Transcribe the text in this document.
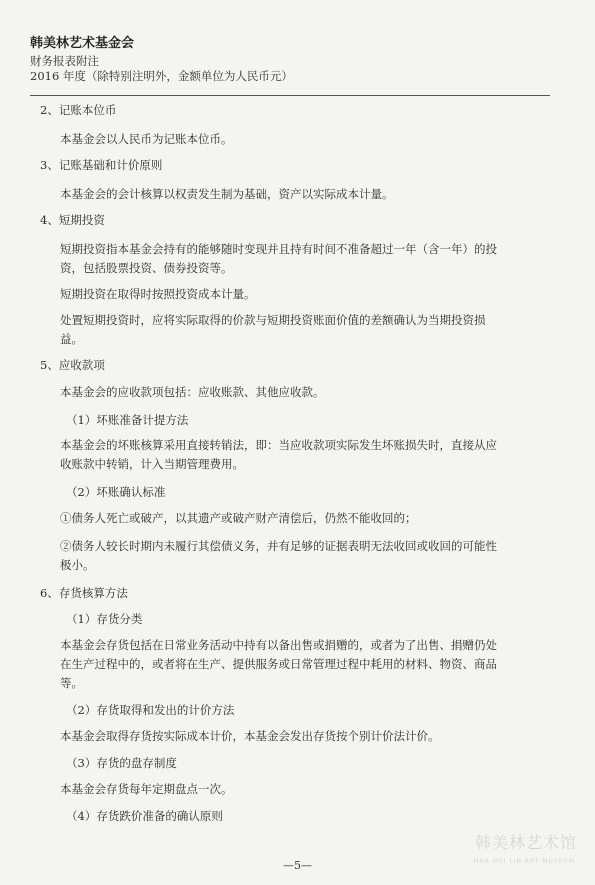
韩美林艺术基金会
财务报表附注
2016 年度（除特别注明外，金额单位为人民币元）
2、记账本位币
本基金会以人民币为记账本位币。
3、记账基础和计价原则
本基金会的会计核算以权责发生制为基础，资产以实际成本计量。
4、短期投资
短期投资指本基金会持有的能够随时变现并且持有时间不准备超过一年（含一年）的投
资，包括股票投资、债券投资等。
短期投资在取得时按照投资成本计量。
处置短期投资时，应将实际取得的价款与短期投资账面价值的差额确认为当期投资损
益。
5、应收款项
本基金会的应收款项包括：应收账款、其他应收款。
（1）坏账准备计提方法
本基金会的坏账核算采用直接转销法，即：当应收款项实际发生坏账损失时，直接从应
收账款中转销，计入当期管理费用。
（2）坏账确认标准
①债务人死亡或破产，以其遗产或破产财产清偿后，仍然不能收回的；
②债务人较长时期内未履行其偿债义务，并有足够的证据表明无法收回或收回的可能性
极小。
6、存货核算方法
（1）存货分类
本基金会存货包括在日常业务活动中持有以备出售或捐赠的，或者为了出售、捐赠仍处
在生产过程中的，或者将在生产、提供服务或日常管理过程中耗用的材料、物资、商品
等。
（2）存货取得和发出的计价方法
本基金会取得存货按实际成本计价，本基金会发出存货按个别计价法计价。
（3）存货的盘存制度
本基金会存货每年定期盘点一次。
（4）存货跌价准备的确认原则
—5—
韩美林艺术馆
HAN MEI LIN ART MUSEUM
